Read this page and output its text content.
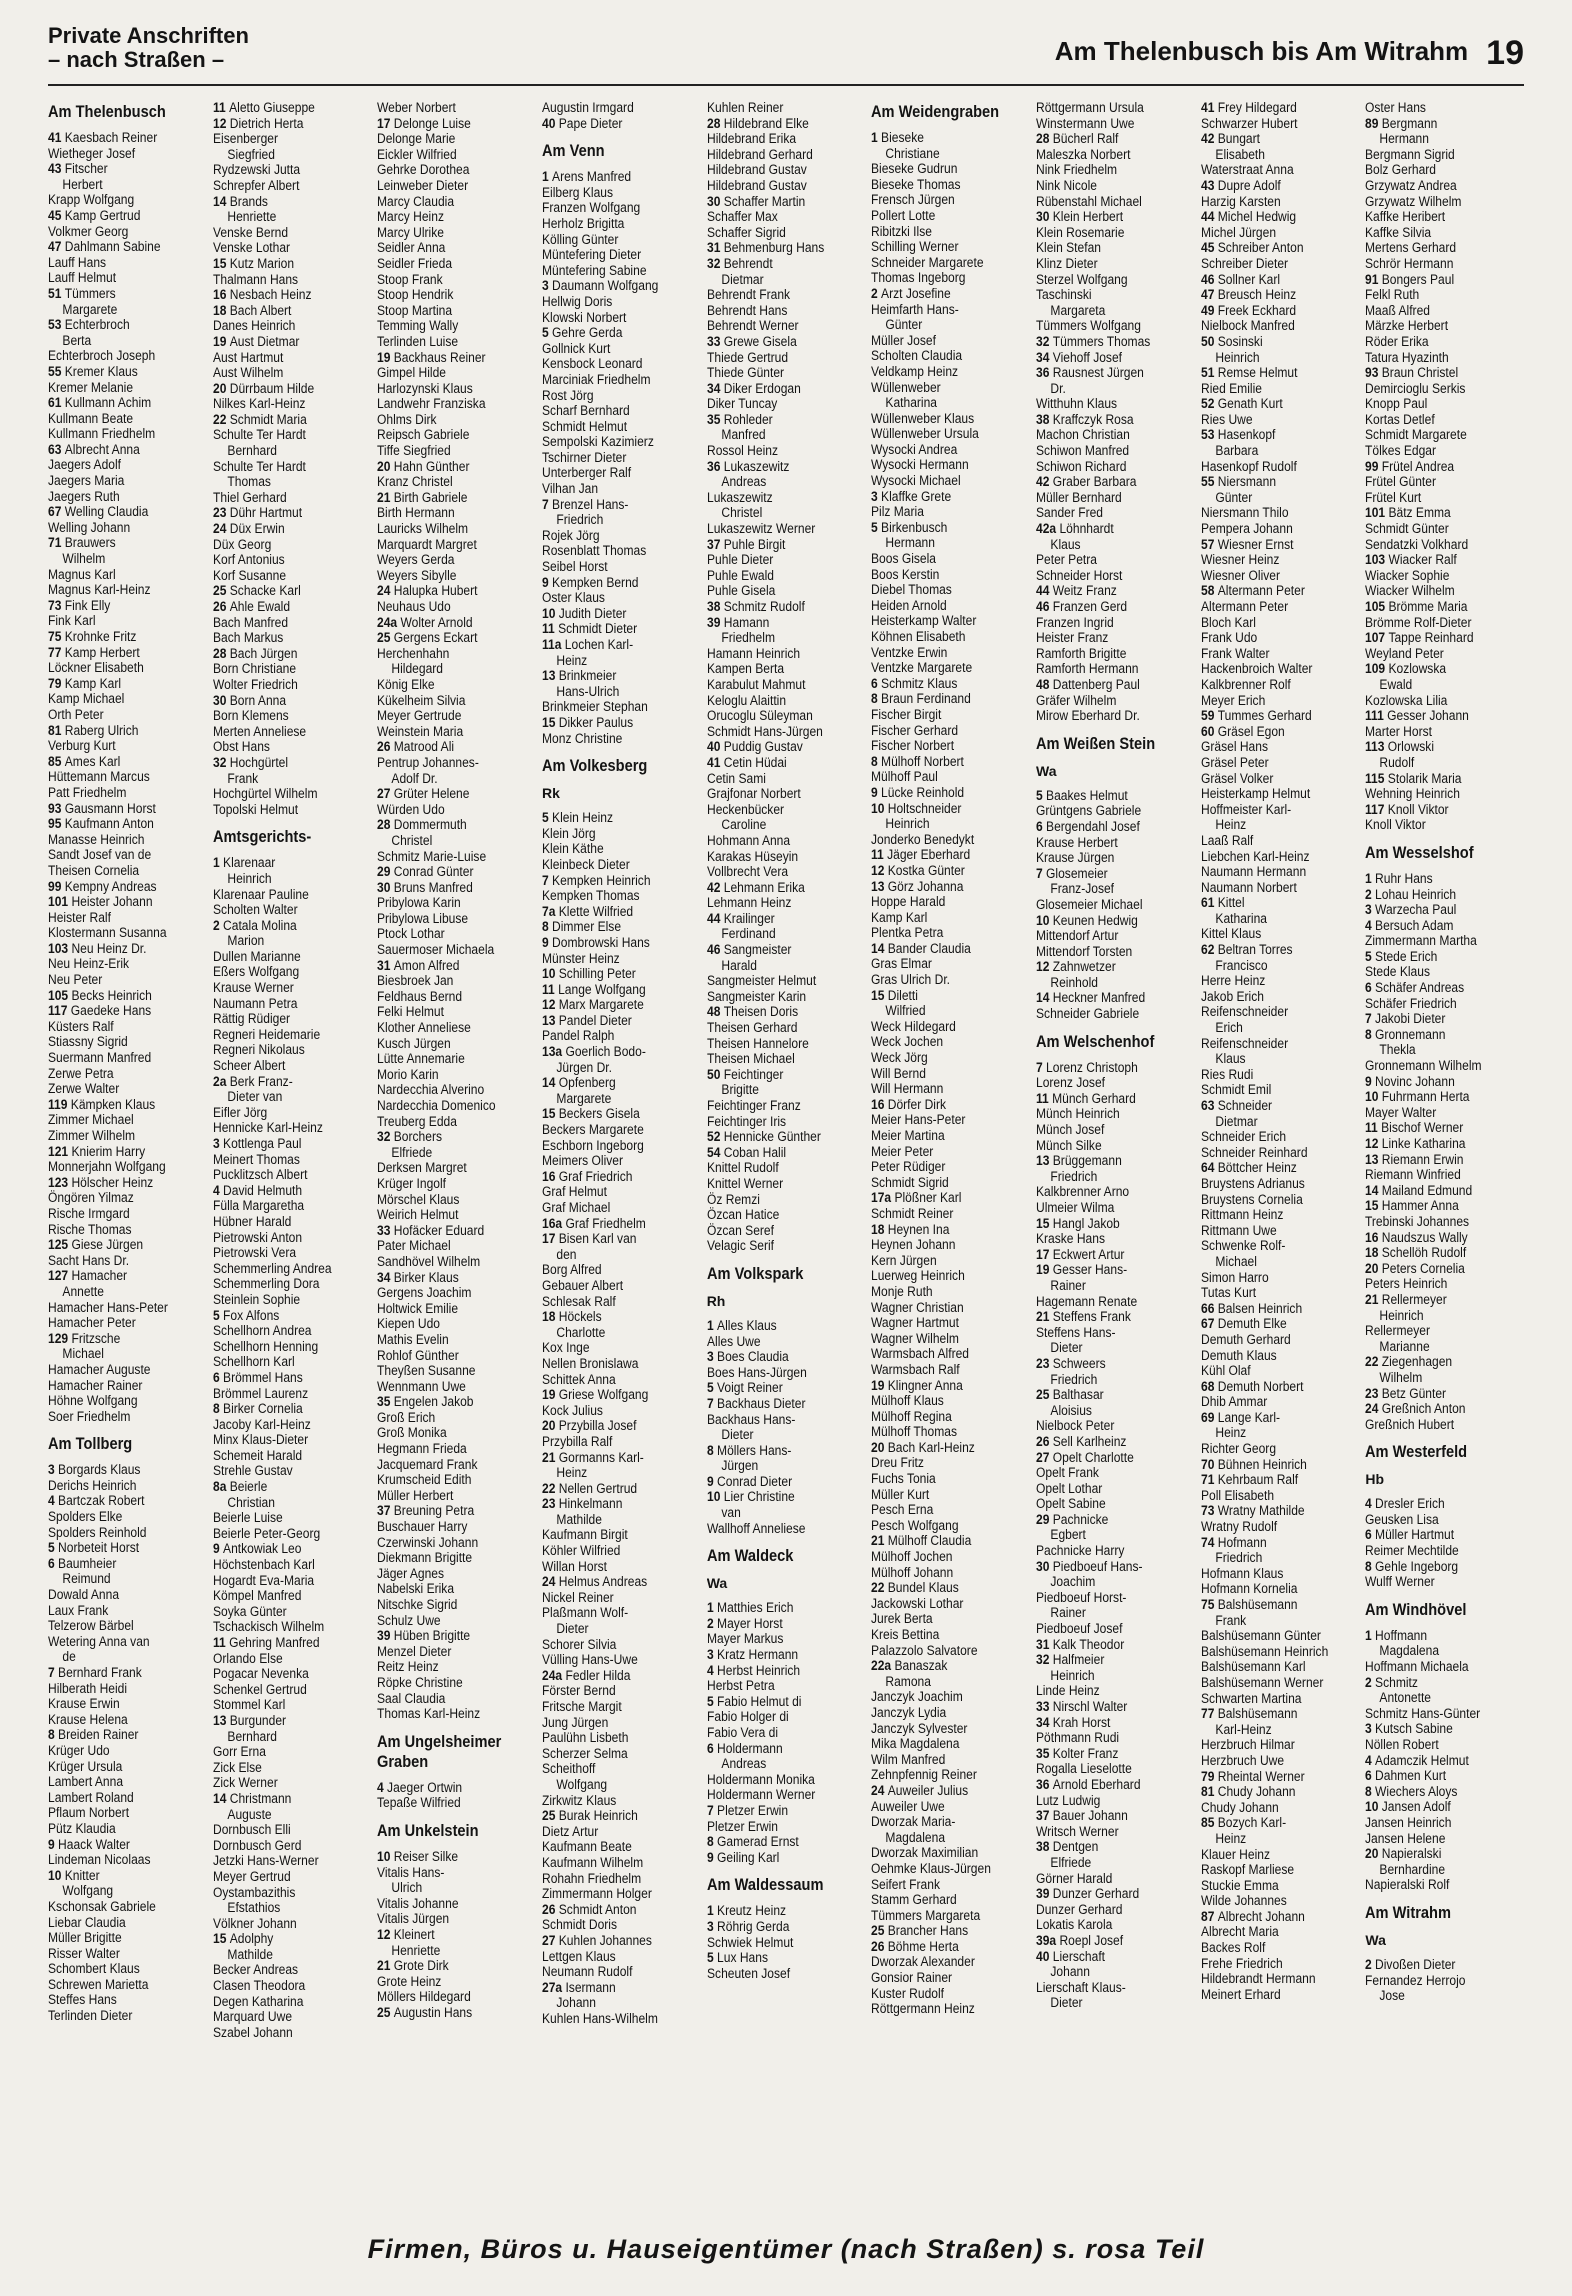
Private Anschriften
– nach Straßen –	Am Thelenbusch bis Am Witrahm 19
Am Thelenbusch
41 Kaesbach Reiner
Wietheger Josef
43 Fitscher
Herbert
Krapp Wolfgang
45 Kamp Gertrud
Volkmer Georg
47 Dahlmann Sabine
Lauff Hans
Lauff Helmut
51 Tümmers
Margarete
53 Echterbroch
Berta
Echterbroch Joseph
55 Kremer Klaus
Kremer Melanie
61 Kullmann Achim
Kullmann Beate
Kullmann Friedhelm
63 Albrecht Anna
Jaegers Adolf
Jaegers Maria
Jaegers Ruth
67 Welling Claudia
Welling Johann
71 Brauwers
Wilhelm
Magnus Karl
Magnus Karl-Heinz
73 Fink Elly
Fink Karl
75 Krohnke Fritz
77 Kamp Herbert
Löckner Elisabeth
79 Kamp Karl
Kamp Michael
Orth Peter
81 Raberg Ulrich
Verburg Kurt
85 Ames Karl
Hüttemann Marcus
Patt Friedhelm
93 Gausmann Horst
95 Kaufmann Anton
Manasse Heinrich
Sandt Josef van de
Theisen Cornelia
99 Kempny Andreas
101 Heister Johann
Heister Ralf
Klostermann Susanna
103 Neu Heinz Dr.
Neu Heinz-Erik
Neu Peter
105 Becks Heinrich
117 Gaedeke Hans
Küsters Ralf
Stiassny Sigrid
Suermann Manfred
Zerwe Petra
Zerwe Walter
119 Kämpken Klaus
Zimmer Michael
Zimmer Wilhelm
121 Knierim Harry
Monnerjahn Wolfgang
123 Hölscher Heinz
Öngören Yilmaz
Rische Irmgard
Rische Thomas
125 Giese Jürgen
Sacht Hans Dr.
127 Hamacher
Annette
Hamacher Hans-Peter
Hamacher Peter
129 Fritzsche
Michael
Hamacher Auguste
Hamacher Rainer
Höhne Wolfgang
Soer Friedhelm
Am Tollberg
3 Borgards Klaus
Derichs Heinrich
4 Bartczak Robert
Spolders Elke
Spolders Reinhold
5 Norbeteit Horst
6 Baumheier
Reimund
Dowald Anna
Laux Frank
Telzerow Bärbel
Wetering Anna van
de
7 Bernhard Frank
Hilberath Heidi
Krause Erwin
Krause Helena
8 Breiden Rainer
Krüger Udo
Krüger Ursula
Lambert Anna
Lambert Roland
Pflaum Norbert
Pütz Klaudia
9 Haack Walter
Lindeman Nicolaas
10 Knitter
Wolfgang
Kschonsak Gabriele
Liebar Claudia
Müller Brigitte
Risser Walter
Schombert Klaus
Schrewen Marietta
Steffes Hans
Terlinden Dieter
11 Aletto Giuseppe
12 Dietrich Herta
Eisenberger
Siegfried
Rydzewski Jutta
Schrepfer Albert
14 Brands
Henriette
Venske Bernd
Venske Lothar
15 Kutz Marion
Thalmann Hans
16 Nesbach Heinz
18 Bach Albert
Danes Heinrich
19 Aust Dietmar
Aust Hartmut
Aust Wilhelm
20 Dürrbaum Hilde
Nilkes Karl-Heinz
22 Schmidt Maria
Schulte Ter Hardt
Bernhard
Schulte Ter Hardt
Thomas
Thiel Gerhard
23 Dühr Hartmut
24 Düx Erwin
Düx Georg
Korf Antonius
Korf Susanne
25 Schacke Karl
26 Ahle Ewald
Bach Manfred
Bach Markus
28 Bach Jürgen
Born Christiane
Wolter Friedrich
30 Born Anna
Born Klemens
Merten Anneliese
Obst Hans
32 Hochgürtel
Frank
Hochgürtel Wilhelm
Topolski Helmut
Amtsgerichts-
1 Klarenaar
Heinrich
Klarenaar Pauline
Scholten Walter
2 Catala Molina
Marion
Dullen Marianne
Eßers Wolfgang
Krause Werner
Naumann Petra
Rättig Rüdiger
Regneri Heidemarie
Regneri Nikolaus
Scheer Albert
2a Berk Franz-
Dieter van
Eifler Jörg
Hennicke Karl-Heinz
3 Kottlenga Paul
Meinert Thomas
Pucklitzsch Albert
4 David Helmuth
Fülla Margaretha
Hübner Harald
Pietrowski Anton
Pietrowski Vera
Schemmerling Andrea
Schemmerling Dora
Steinlein Sophie
5 Fox Alfons
Schellhorn Andrea
Schellhorn Henning
Schellhorn Karl
6 Brömmel Hans
Brömmel Laurenz
8 Birker Cornelia
Jacoby Karl-Heinz
Minx Klaus-Dieter
Schemeit Harald
Strehle Gustav
8a Beierle
Christian
Beierle Luise
Beierle Peter-Georg
9 Antkowiak Leo
Höchstenbach Karl
Hogardt Eva-Maria
Kömpel Manfred
Soyka Günter
Tschackisch Wilhelm
11 Gehring Manfred
Orlando Else
Pogacar Nevenka
Schenkel Gertrud
Stommel Karl
13 Burgunder
Bernhard
Gorr Erna
Zick Else
Zick Werner
14 Christmann
Auguste
Dornbusch Elli
Dornbusch Gerd
Jetzki Hans-Werner
Meyer Gertrud
Oystambazithis
Efstathios
Völkner Johann
15 Adolphy
Mathilde
Becker Andreas
Clasen Theodora
Degen Katharina
Marquard Uwe
Szabel Johann
Weber Norbert
17 Delonge Luise
Delonge Marie
Eickler Wilfried
Gehrke Dorothea
Leinweber Dieter
Marcy Claudia
Marcy Heinz
Marcy Ulrike
Seidler Anna
Seidler Frieda
Stoop Frank
Stoop Hendrik
Stoop Martina
Temming Wally
Terlinden Luise
19 Backhaus Reiner
Gimpel Hilde
Harlozynski Klaus
Landwehr Franziska
Ohlms Dirk
Reipsch Gabriele
Tiffe Siegfried
20 Hahn Günther
Kranz Christel
21 Birth Gabriele
Birth Hermann
Lauricks Wilhelm
Marquardt Margret
Weyers Gerda
Weyers Sibylle
24 Halupka Hubert
Neuhaus Udo
24a Wolter Arnold
25 Gergens Eckart
Herchenhahn
Hildegard
König Elke
Kükelheim Silvia
Meyer Gertrude
Weinstein Maria
26 Matrood Ali
Pentrup Johannes-
Adolf Dr.
27 Grüter Helene
Würden Udo
28 Dommermuth
Christel
Schmitz Marie-Luise
29 Conrad Günter
30 Bruns Manfred
Pribylowa Karin
Pribylowa Libuse
Ptock Lothar
Sauermoser Michaela
31 Amon Alfred
Biesbroek Jan
Feldhaus Bernd
Felki Helmut
Klother Anneliese
Kusch Jürgen
Lütte Annemarie
Morio Karin
Nardecchia Alverino
Nardecchia Domenico
Treuberg Edda
32 Borchers
Elfriede
Derksen Margret
Krüger Ingolf
Mörschel Klaus
Weirich Helmut
33 Hofäcker Eduard
Pater Michael
Sandhövel Wilhelm
34 Birker Klaus
Gergens Joachim
Holtwick Emilie
Kiepen Udo
Mathis Evelin
Rohlof Günther
Theyßen Susanne
Wennmann Uwe
35 Engelen Jakob
Groß Erich
Groß Monika
Hegmann Frieda
Jacquemard Frank
Krumscheid Edith
Müller Herbert
37 Breuning Petra
Buschauer Harry
Czerwinski Johann
Diekmann Brigitte
Jäger Agnes
Nabelski Erika
Nitschke Sigrid
Schulz Uwe
39 Hüben Brigitte
Menzel Dieter
Reitz Heinz
Röpke Christine
Saal Claudia
Thomas Karl-Heinz
Am Ungelsheimer
Graben
4 Jaeger Ortwin
Tepaße Wilfried
Am Unkelstein
10 Reiser Silke
Vitalis Hans-
Ulrich
Vitalis Johanne
Vitalis Jürgen
12 Kleinert
Henriette
21 Grote Dirk
Grote Heinz
Möllers Hildegard
25 Augustin Hans
Augustin Irmgard
40 Pape Dieter
Am Venn
1 Arens Manfred
Eilberg Klaus
Franzen Wolfgang
Herholz Brigitta
Kölling Günter
Müntefering Dieter
Müntefering Sabine
3 Daumann Wolfgang
Hellwig Doris
Klowski Norbert
5 Gehre Gerda
Gollnick Kurt
Kensbock Leonard
Marciniak Friedhelm
Rost Jörg
Scharf Bernhard
Schmidt Helmut
Sempolski Kazimierz
Tschirner Dieter
Unterberger Ralf
Vilhan Jan
7 Brenzel Hans-
Friedrich
Rojek Jörg
Rosenblatt Thomas
Seibel Horst
9 Kempken Bernd
Oster Klaus
10 Judith Dieter
11 Schmidt Dieter
11a Lochen Karl-
Heinz
13 Brinkmeier
Hans-Ulrich
Brinkmeier Stephan
15 Dikker Paulus
Monz Christine
Am Volkesberg
Rk
5 Klein Heinz
Klein Jörg
Klein Käthe
Kleinbeck Dieter
7 Kempken Heinrich
Kempken Thomas
7a Klette Wilfried
8 Dimmer Else
9 Dombrowski Hans
Münster Heinz
10 Schilling Peter
11 Lange Wolfgang
12 Marx Margarete
13 Pandel Dieter
Pandel Ralph
13a Goerlich Bodo-
Jürgen Dr.
14 Opfenberg
Margarete
15 Beckers Gisela
Beckers Margarete
Eschborn Ingeborg
Meimers Oliver
16 Graf Friedrich
Graf Helmut
Graf Michael
16a Graf Friedhelm
17 Bisen Karl van
den
Borg Alfred
Gebauer Albert
Schlesak Ralf
18 Höckels
Charlotte
Kox Inge
Nellen Bronislawa
Schittek Anna
19 Griese Wolfgang
Kock Julius
20 Przybilla Josef
Przybilla Ralf
21 Gormanns Karl-
Heinz
22 Nellen Gertrud
23 Hinkelmann
Mathilde
Kaufmann Birgit
Köhler Wilfried
Willan Horst
24 Helmus Andreas
Nickel Reiner
Plaßmann Wolf-
Dieter
Schorer Silvia
Vülling Hans-Uwe
24a Fedler Hilda
Förster Bernd
Fritsche Margit
Jung Jürgen
Paulühn Lisbeth
Scherzer Selma
Scheithoff
Wolfgang
Zirkwitz Klaus
25 Burak Heinrich
Dietz Artur
Kaufmann Beate
Kaufmann Wilhelm
Rohahn Friedhelm
Zimmermann Holger
26 Schmidt Anton
Schmidt Doris
27 Kuhlen Johannes
Lettgen Klaus
Neumann Rudolf
27a Isermann
Johann
Kuhlen Hans-Wilhelm
Kuhlen Reiner
28 Hildebrand Elke
Hildebrand Erika
Hildebrand Gerhard
Hildebrand Gustav
Hildebrand Gustav
30 Schaffer Martin
Schaffer Max
Schaffer Sigrid
31 Behmenburg Hans
32 Behrendt
Dietmar
Behrendt Frank
Behrendt Hans
Behrendt Werner
33 Grewe Gisela
Thiede Gertrud
Thiede Günter
34 Diker Erdogan
Diker Tuncay
35 Rohleder
Manfred
Rossol Heinz
36 Lukaszewitz
Andreas
Lukaszewitz
Christel
Lukaszewitz Werner
37 Puhle Birgit
Puhle Dieter
Puhle Ewald
Puhle Gisela
38 Schmitz Rudolf
39 Hamann
Friedhelm
Hamann Heinrich
Kampen Berta
Karabulut Mahmut
Keloglu Alaittin
Orucoglu Süleyman
Schmidt Hans-Jürgen
40 Puddig Gustav
41 Cetin Hüdai
Cetin Sami
Grajfonar Norbert
Heckenbücker
Caroline
Hohmann Anna
Karakas Hüseyin
Vollbrecht Vera
42 Lehmann Erika
Lehmann Heinz
44 Krailinger
Ferdinand
46 Sangmeister
Harald
Sangmeister Helmut
Sangmeister Karin
48 Theisen Doris
Theisen Gerhard
Theisen Hannelore
Theisen Michael
50 Feichtinger
Brigitte
Feichtinger Franz
Feichtinger Iris
52 Hennicke Günther
54 Coban Halil
Knittel Rudolf
Knittel Werner
Öz Remzi
Özcan Hatice
Özcan Seref
Velagic Serif
Am Volkspark
Rh
1 Alles Klaus
Alles Uwe
3 Boes Claudia
Boes Hans-Jürgen
5 Voigt Reiner
7 Backhaus Dieter
Backhaus Hans-
Dieter
8 Möllers Hans-
Jürgen
9 Conrad Dieter
10 Lier Christine
van
Wallhoff Anneliese
Am Waldeck
Wa
1 Matthies Erich
2 Mayer Horst
Mayer Markus
3 Kratz Hermann
4 Herbst Heinrich
Herbst Petra
5 Fabio Helmut di
Fabio Holger di
Fabio Vera di
6 Holdermann
Andreas
Holdermann Monika
Holdermann Werner
7 Pletzer Erwin
Pletzer Erwin
8 Gamerad Ernst
9 Geiling Karl
Am Waldessaum
1 Kreutz Heinz
3 Röhrig Gerda
Schwiek Helmut
5 Lux Hans
Scheuten Josef
Am Weidengraben
1 Bieseke
Christiane
Bieseke Gudrun
Bieseke Thomas
Frensch Jürgen
Pollert Lotte
Ribitzki Ilse
Schilling Werner
Schneider Margarete
Thomas Ingeborg
2 Arzt Josefine
Heimfarth Hans-
Günter
Müller Josef
Scholten Claudia
Veldkamp Heinz
Wüllenweber
Katharina
Wüllenweber Klaus
Wüllenweber Ursula
Wysocki Andrea
Wysocki Hermann
Wysocki Michael
3 Klaffke Grete
Pilz Maria
5 Birkenbusch
Hermann
Boos Gisela
Boos Kerstin
Diebel Thomas
Heiden Arnold
Heisterkamp Walter
Köhnen Elisabeth
Ventzke Erwin
Ventzke Margarete
6 Schmitz Klaus
8 Braun Ferdinand
Fischer Birgit
Fischer Gerhard
Fischer Norbert
8 Mülhoff Norbert
Mülhoff Paul
9 Lücke Reinhold
10 Holtschneider
Heinrich
Jonderko Benedykt
11 Jäger Eberhard
12 Kostka Günter
13 Görz Johanna
Hoppe Harald
Kamp Karl
Plentka Petra
14 Bander Claudia
Gras Elmar
Gras Ulrich Dr.
15 Diletti
Wilfried
Weck Hildegard
Weck Jochen
Weck Jörg
Will Bernd
Will Hermann
16 Dörfer Dirk
Meier Hans-Peter
Meier Martina
Meier Peter
Peter Rüdiger
Schmidt Sigrid
17a Plößner Karl
Schmidt Reiner
18 Heynen Ina
Heynen Johann
Kern Jürgen
Luerweg Heinrich
Monje Ruth
Wagner Christian
Wagner Hartmut
Wagner Wilhelm
Warmsbach Alfred
Warmsbach Ralf
19 Klingner Anna
Mülhoff Klaus
Mülhoff Regina
Mülhoff Thomas
20 Bach Karl-Heinz
Dreu Fritz
Fuchs Tonia
Müller Kurt
Pesch Erna
Pesch Wolfgang
21 Mülhoff Claudia
Mülhoff Jochen
Mülhoff Johann
22 Bundel Klaus
Jackowski Lothar
Jurek Berta
Kreis Bettina
Palazzolo Salvatore
22a Banaszak
Ramona
Janczyk Joachim
Janczyk Lydia
Janczyk Sylvester
Mika Magdalena
Wilm Manfred
Zehnpfennig Reiner
24 Auweiler Julius
Auweiler Uwe
Dworzak Maria-
Magdalena
Dworzak Maximilian
Oehmke Klaus-Jürgen
Seifert Frank
Stamm Gerhard
Tümmers Margareta
25 Brancher Hans
26 Böhme Herta
Dworzak Alexander
Gonsior Rainer
Kuster Rudolf
Röttgermann Heinz
Röttgermann Ursula
Winstermann Uwe
28 Bücherl Ralf
Maleszka Norbert
Nink Friedhelm
Nink Nicole
Rübenstahl Michael
30 Klein Herbert
Klein Rosemarie
Klein Stefan
Klinz Dieter
Sterzel Wolfgang
Taschinski
Margareta
Tümmers Wolfgang
32 Tümmers Thomas
34 Viehoff Josef
36 Rausnest Jürgen
Dr.
Witthuhn Klaus
38 Kraffczyk Rosa
Machon Christian
Schiwon Manfred
Schiwon Richard
42 Graber Barbara
Müller Bernhard
Sander Fred
42a Löhnhardt
Klaus
Peter Petra
Schneider Horst
44 Weitz Franz
46 Franzen Gerd
Franzen Ingrid
Heister Franz
Ramforth Brigitte
Ramforth Hermann
48 Dattenberg Paul
Gräfer Wilhelm
Mirow Eberhard Dr.
Am Weißen Stein
Wa
5 Baakes Helmut
Grüntgens Gabriele
6 Bergendahl Josef
Krause Herbert
Krause Jürgen
7 Glosemeier
Franz-Josef
Glosemeier Michael
10 Keunen Hedwig
Mittendorf Artur
Mittendorf Torsten
12 Zahnwetzer
Reinhold
14 Heckner Manfred
Schneider Gabriele
Am Welschenhof
7 Lorenz Christoph
Lorenz Josef
11 Münch Gerhard
Münch Heinrich
Münch Josef
Münch Silke
13 Brüggemann
Friedrich
Kalkbrenner Arno
Ulmeier Wilma
15 Hangl Jakob
Kraske Hans
17 Eckwert Artur
19 Gesser Hans-
Rainer
Hagemann Renate
21 Steffens Frank
Steffens Hans-
Dieter
23 Schweers
Friedrich
25 Balthasar
Aloisius
Nielbock Peter
26 Sell Karlheinz
27 Opelt Charlotte
Opelt Frank
Opelt Lothar
Opelt Sabine
29 Pachnicke
Egbert
Pachnicke Harry
30 Piedboeuf Hans-
Joachim
Piedboeuf Horst-
Rainer
Piedboeuf Josef
31 Kalk Theodor
32 Halfmeier
Heinrich
Linde Heinz
33 Nirschl Walter
34 Krah Horst
Pöthmann Rudi
35 Kolter Franz
Rogalla Lieselotte
36 Arnold Eberhard
Lutz Ludwig
37 Bauer Johann
Writsch Werner
38 Dentgen
Elfriede
Görner Harald
39 Dunzer Gerhard
Dunzer Gerhard
Lokatis Karola
39a Roepl Josef
40 Lierschaft
Johann
Lierschaft Klaus-
Dieter
41 Frey Hildegard
Schwarzer Hubert
42 Bungart
Elisabeth
Waterstraat Anna
43 Dupre Adolf
Harzig Karsten
44 Michel Hedwig
Michel Jürgen
45 Schreiber Anton
Schreiber Dieter
46 Sollner Karl
47 Breusch Heinz
49 Freek Eckhard
Nielbock Manfred
50 Sosinski
Heinrich
51 Remse Helmut
Ried Emilie
52 Genath Kurt
Ries Uwe
53 Hasenkopf
Barbara
Hasenkopf Rudolf
55 Niersmann
Günter
Niersmann Thilo
Pempera Johann
57 Wiesner Ernst
Wiesner Heinz
Wiesner Oliver
58 Altermann Peter
Altermann Peter
Bloch Karl
Frank Udo
Frank Walter
Hackenbroich Walter
Kalkbrenner Rolf
Meyer Erich
59 Tummes Gerhard
60 Gräsel Egon
Gräsel Hans
Gräsel Peter
Gräsel Volker
Heisterkamp Helmut
Hoffmeister Karl-
Heinz
Laaß Ralf
Liebchen Karl-Heinz
Naumann Hermann
Naumann Norbert
61 Kittel
Katharina
Kittel Klaus
62 Beltran Torres
Francisco
Herre Heinz
Jakob Erich
Reifenschneider
Erich
Reifenschneider
Klaus
Ries Rudi
Schmidt Emil
63 Schneider
Dietmar
Schneider Erich
Schneider Reinhard
64 Böttcher Heinz
Bruystens Adrianus
Bruystens Cornelia
Rittmann Heinz
Rittmann Uwe
Schwenke Rolf-
Michael
Simon Harro
Tutas Kurt
66 Balsen Heinrich
67 Demuth Elke
Demuth Gerhard
Demuth Klaus
Kühl Olaf
68 Demuth Norbert
Dhib Ammar
69 Lange Karl-
Heinz
Richter Georg
70 Bühnen Heinrich
71 Kehrbaum Ralf
Poll Elisabeth
73 Wratny Mathilde
Wratny Rudolf
74 Hofmann
Friedrich
Hofmann Klaus
Hofmann Kornelia
75 Balshüsemann
Frank
Balshüsemann Günter
Balshüsemann Heinrich
Balshüsemann Karl
Balshüsemann Werner
Schwarten Martina
77 Balshüsemann
Karl-Heinz
Herzbruch Hilmar
Herzbruch Uwe
79 Rheintal Werner
81 Chudy Johann
Chudy Johann
85 Bozych Karl-
Heinz
Klauer Heinz
Raskopf Marliese
Stuckie Emma
Wilde Johannes
87 Albrecht Johann
Albrecht Maria
Backes Rolf
Frehe Friedrich
Hildebrandt Hermann
Meinert Erhard
Oster Hans
89 Bergmann
Hermann
Bergmann Sigrid
Bolz Gerhard
Grzywatz Andrea
Grzywatz Wilhelm
Kaffke Heribert
Kaffke Silvia
Mertens Gerhard
Schrör Hermann
91 Bongers Paul
Felkl Ruth
Maaß Alfred
Märzke Herbert
Röder Erika
Tatura Hyazinth
93 Braun Christel
Demircioglu Serkis
Knopp Paul
Kortas Detlef
Schmidt Margarete
Tölkes Edgar
99 Frütel Andrea
Frütel Günter
Frütel Kurt
101 Bätz Emma
Schmidt Günter
Sendatzki Volkhard
103 Wiacker Ralf
Wiacker Sophie
Wiacker Wilhelm
105 Brömme Maria
Brömme Rolf-Dieter
107 Tappe Reinhard
Weyland Peter
109 Kozlowska
Ewald
Kozlowska Lilia
111 Gesser Johann
Marter Horst
113 Orlowski
Rudolf
115 Stolarik Maria
Wehning Heinrich
117 Knoll Viktor
Knoll Viktor
Am Wesselshof
1 Ruhr Hans
2 Lohau Heinrich
3 Warzecha Paul
4 Bersuch Adam
Zimmermann Martha
5 Stede Erich
Stede Klaus
6 Schäfer Andreas
Schäfer Friedrich
7 Jakobi Dieter
8 Gronnemann
Thekla
Gronnemann Wilhelm
9 Novinc Johann
10 Fuhrmann Herta
Mayer Walter
11 Bischof Werner
12 Linke Katharina
13 Riemann Erwin
Riemann Winfried
14 Mailand Edmund
15 Hammer Anna
Trebinski Johannes
16 Naudszus Wally
18 Schellöh Rudolf
20 Peters Cornelia
Peters Heinrich
21 Rellermeyer
Heinrich
Rellermeyer
Marianne
22 Ziegenhagen
Wilhelm
23 Betz Günter
24 Greßnich Anton
Greßnich Hubert
Am Westerfeld
Hb
4 Dresler Erich
Geusken Lisa
6 Müller Hartmut
Reimer Mechtilde
8 Gehle Ingeborg
Wulff Werner
Am Windhövel
1 Hoffmann
Magdalena
Hoffmann Michaela
2 Schmitz
Antonette
Schmitz Hans-Günter
3 Kutsch Sabine
Nöllen Robert
4 Adamczik Helmut
6 Dahmen Kurt
8 Wiechers Aloys
10 Jansen Adolf
Jansen Heinrich
Jansen Helene
20 Napieralski
Bernhardine
Napieralski Rolf
Am Witrahm
Wa
2 Divoßen Dieter
Fernandez Herrojo
Jose
Firmen, Büros u. Hauseigentümer (nach Straßen) s. rosa Teil
